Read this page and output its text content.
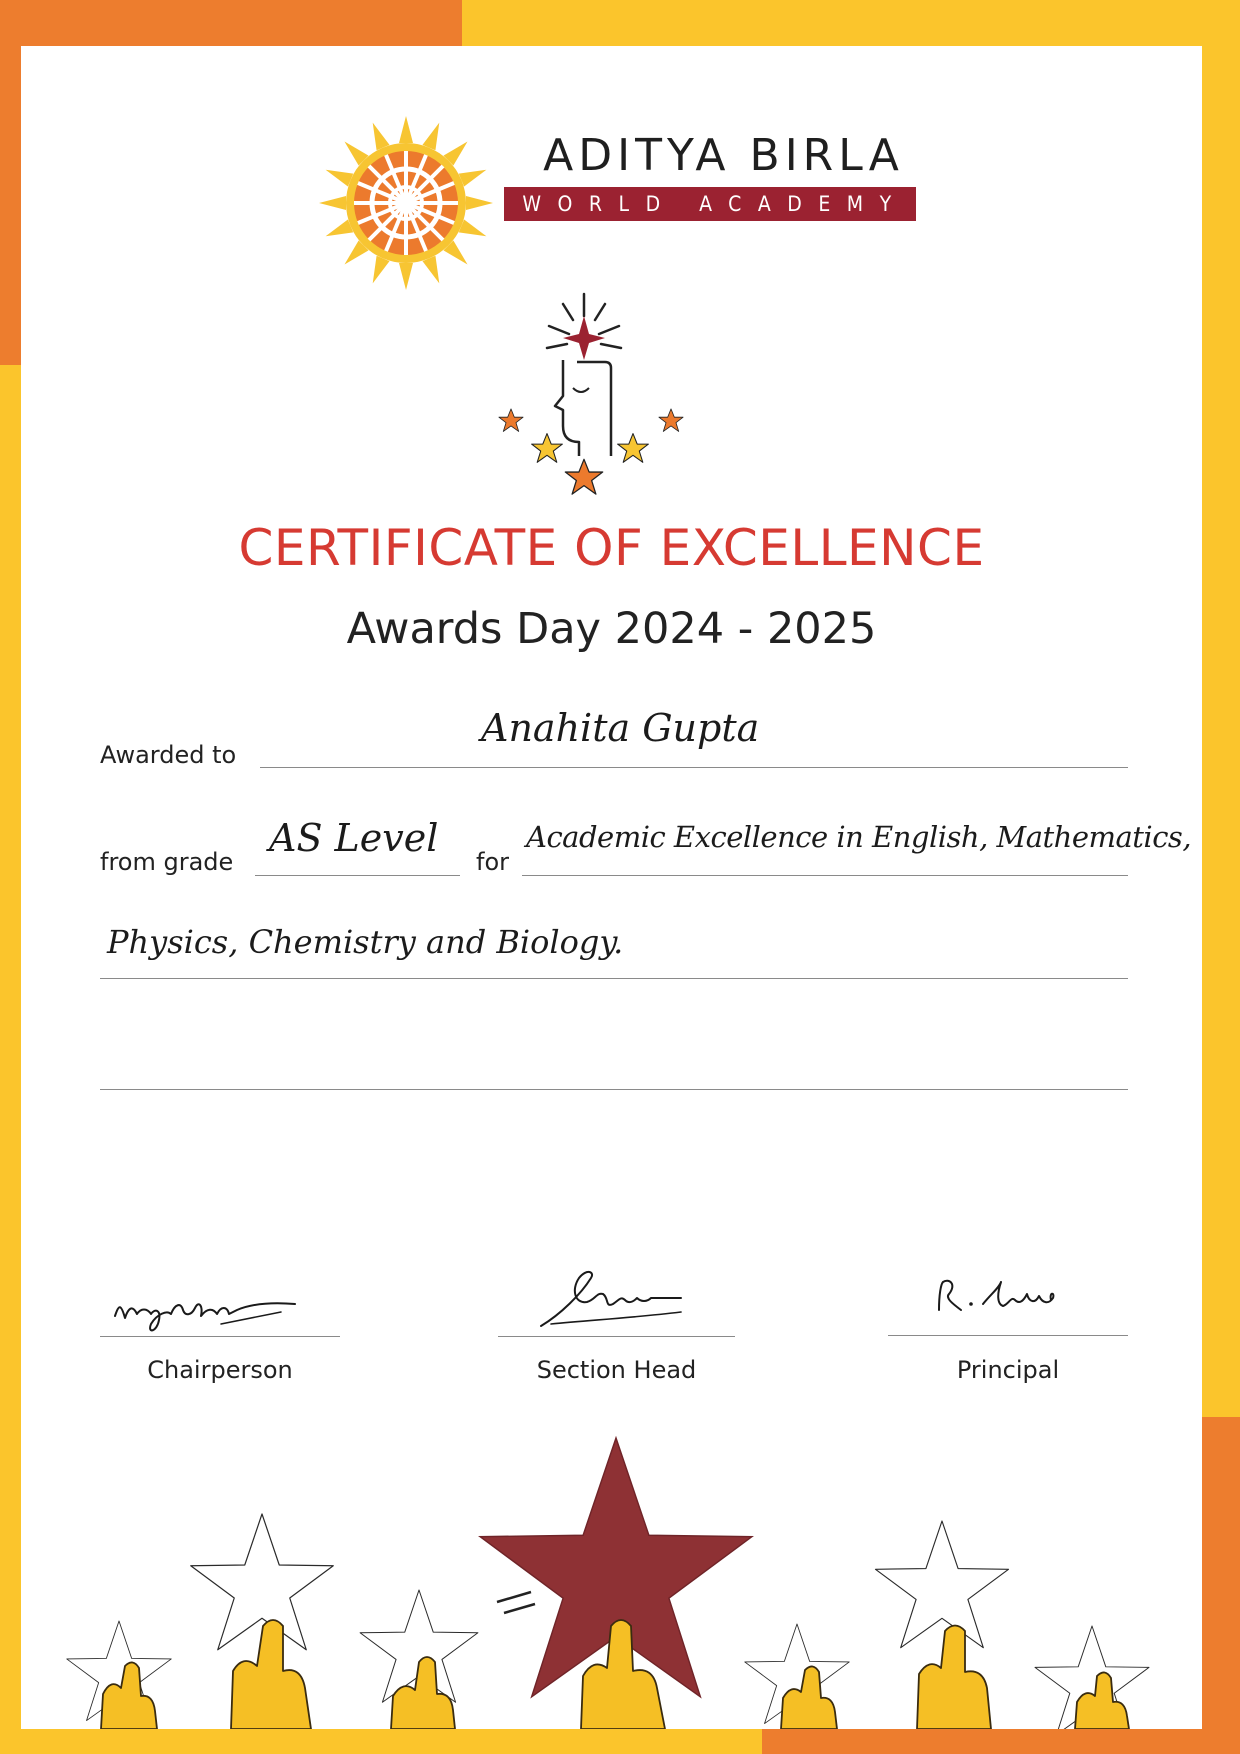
ADITYA BIRLA
WORLD ACADEMY
CERTIFICATE OF EXCELLENCE
Awards Day 2024 - 2025
Awarded to
Anahita Gupta
from grade
AS Level
for
Academic Excellence in English, Mathematics,
Physics, Chemistry and Biology.
Chairperson	Section Head	Principal
